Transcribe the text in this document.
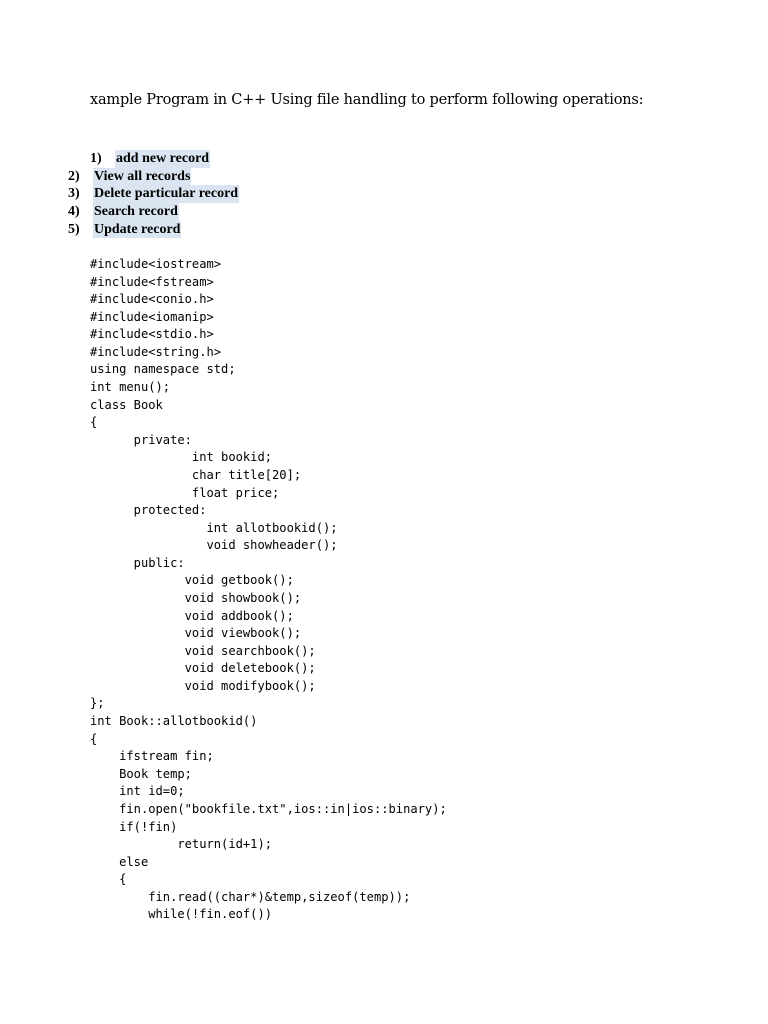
xample Program in C++ Using file handling to perform following operations:
1) add new record
2) View all records
3) Delete particular record
4) Search record
5) Update record
#include<iostream>
#include<fstream>
#include<conio.h>
#include<iomanip>
#include<stdio.h>
#include<string.h>
using namespace std;
int menu();
class Book
{
private:
int bookid;
char title[20];
float price;
protected:
int allotbookid();
void showheader();
public:
void getbook();
void showbook();
void addbook();
void viewbook();
void searchbook();
void deletebook();
void modifybook();
};
int Book::allotbookid()
{
ifstream fin;
Book temp;
int id=0;
fin.open("bookfile.txt",ios::in|ios::binary);
if(!fin)
return(id+1);
else
{
fin.read((char*)&temp,sizeof(temp));
while(!fin.eof())
